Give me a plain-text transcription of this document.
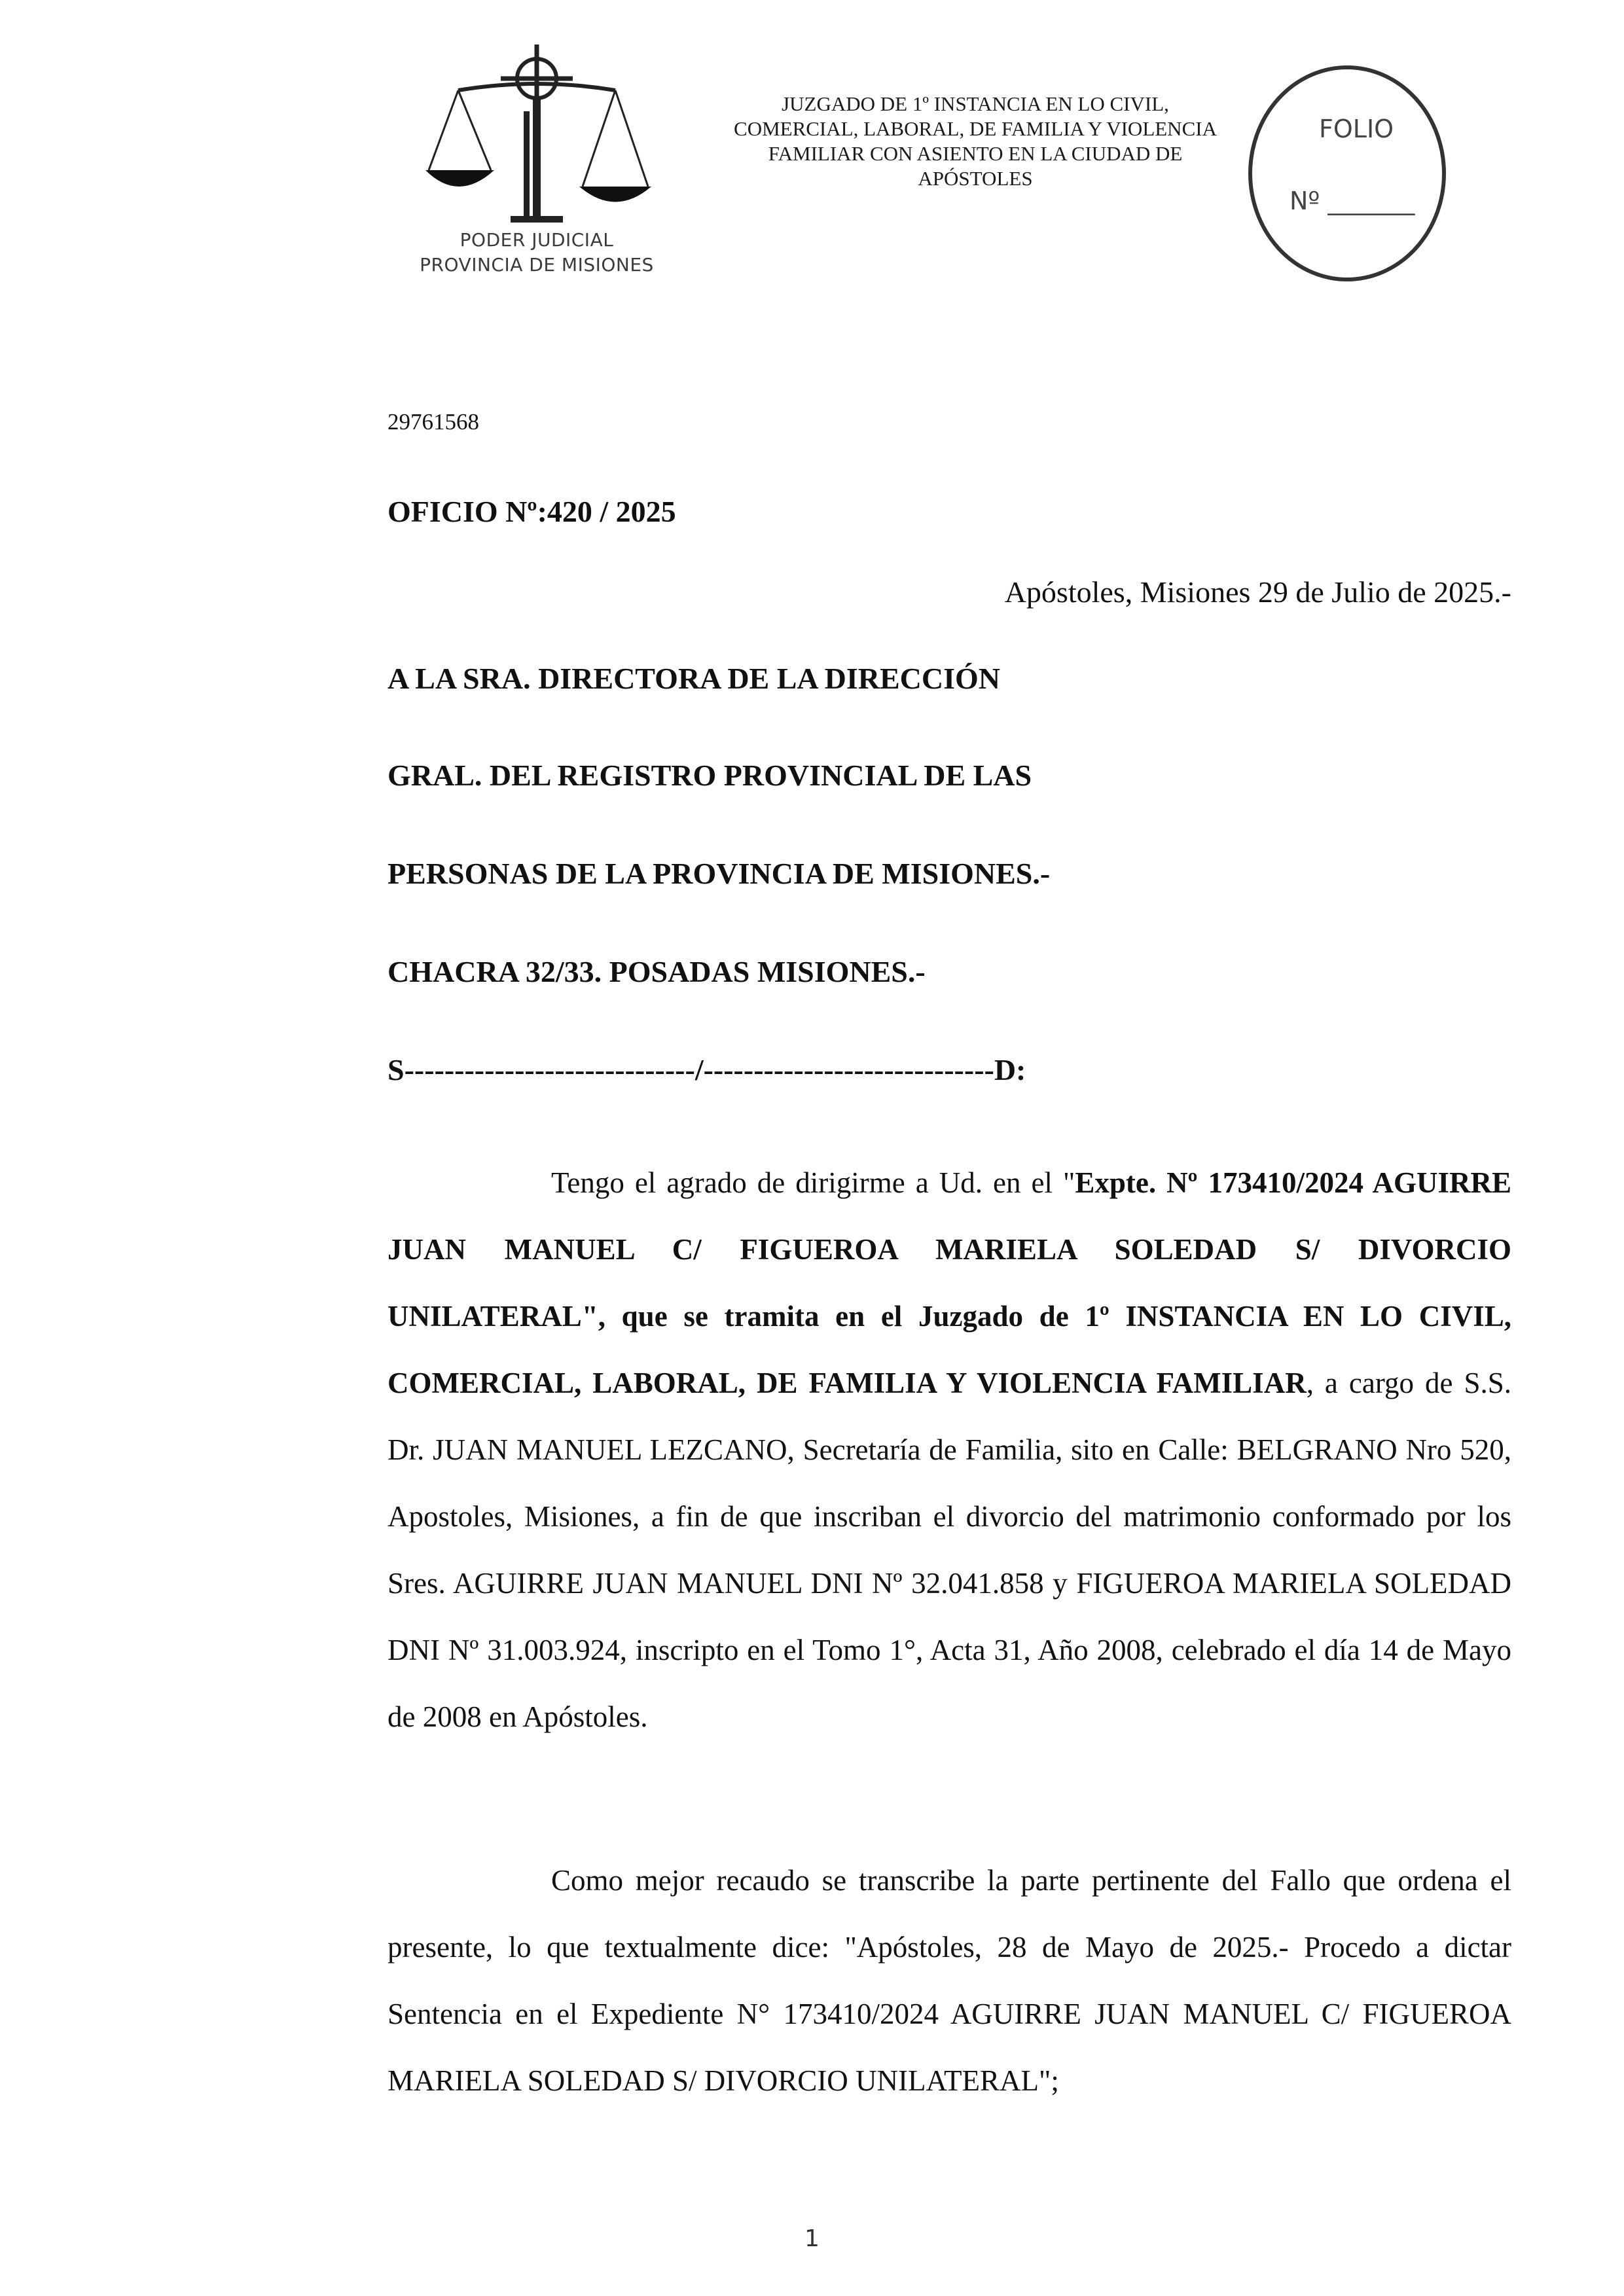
PODER JUDICIAL
PROVINCIA DE MISIONES
JUZGADO DE 1º INSTANCIA EN LO CIVIL,
COMERCIAL, LABORAL, DE FAMILIA Y VIOLENCIA
FAMILIAR CON ASIENTO EN LA CIUDAD DE
APÓSTOLES
FOLIO
Nº _______
29761568
OFICIO Nº:420 / 2025
Apóstoles, Misiones 29 de Julio de 2025.-
A LA SRA. DIRECTORA DE LA DIRECCIÓN
GRAL. DEL REGISTRO PROVINCIAL DE LAS
PERSONAS DE LA PROVINCIA DE MISIONES.-
CHACRA 32/33. POSADAS MISIONES.-
S-----------------------------/-----------------------------D:

Tengo el agrado de dirigirme a Ud. en el "Expte. Nº 173410/2024 AGUIRRE JUAN MANUEL C/ FIGUEROA MARIELA SOLEDAD S/ DIVORCIO UNILATERAL", que se tramita en el Juzgado de 1º INSTANCIA EN LO CIVIL, COMERCIAL, LABORAL, DE FAMILIA Y VIOLENCIA FAMILIAR, a cargo de S.S. Dr. JUAN MANUEL LEZCANO, Secretaría de Familia, sito en Calle: BELGRANO Nro 520, Apostoles, Misiones, a fin de que inscriban el divorcio del matrimonio conformado por los Sres. AGUIRRE JUAN MANUEL DNI Nº 32.041.858 y FIGUEROA MARIELA SOLEDAD DNI Nº 31.003.924, inscripto en el Tomo 1°, Acta 31, Año 2008, celebrado el día 14 de Mayo de 2008 en Apóstoles.

Como mejor recaudo se transcribe la parte pertinente del Fallo que ordena el presente, lo que textualmente dice: "Apóstoles, 28 de Mayo de 2025.- Procedo a dictar Sentencia en el Expediente N° 173410/2024 AGUIRRE JUAN MANUEL C/ FIGUEROA MARIELA SOLEDAD S/ DIVORCIO UNILATERAL";

1
